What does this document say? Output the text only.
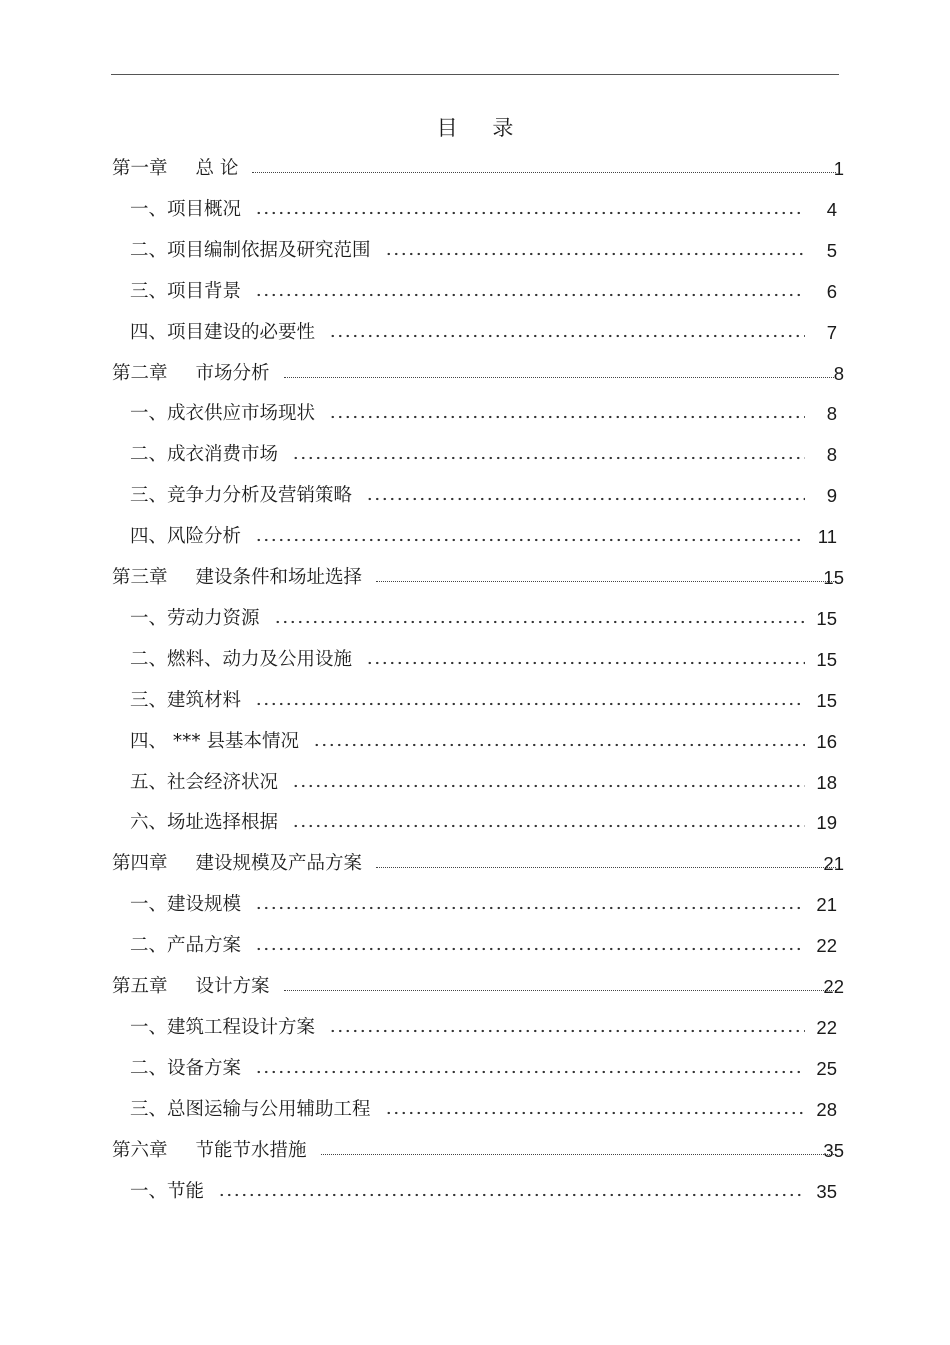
目 录
第一章 总 论	1
一、项目概况	4
二、项目编制依据及研究范围	5
三、项目背景	6
四、项目建设的必要性	7
第二章 市场分析	8
一、成衣供应市场现状	8
二、成衣消费市场	8
三、竞争力分析及营销策略	9
四、风险分析	11
第三章 建设条件和场址选择	15
一、劳动力资源	15
二、燃料、动力及公用设施	15
三、建筑材料	15
四、 *** 县基本情况	16
五、社会经济状况	18
六、场址选择根据	19
第四章 建设规模及产品方案	21
一、建设规模	21
二、产品方案	22
第五章 设计方案	22
一、建筑工程设计方案	22
二、设备方案	25
三、总图运输与公用辅助工程	28
第六章 节能节水措施	35
一、节能	35
